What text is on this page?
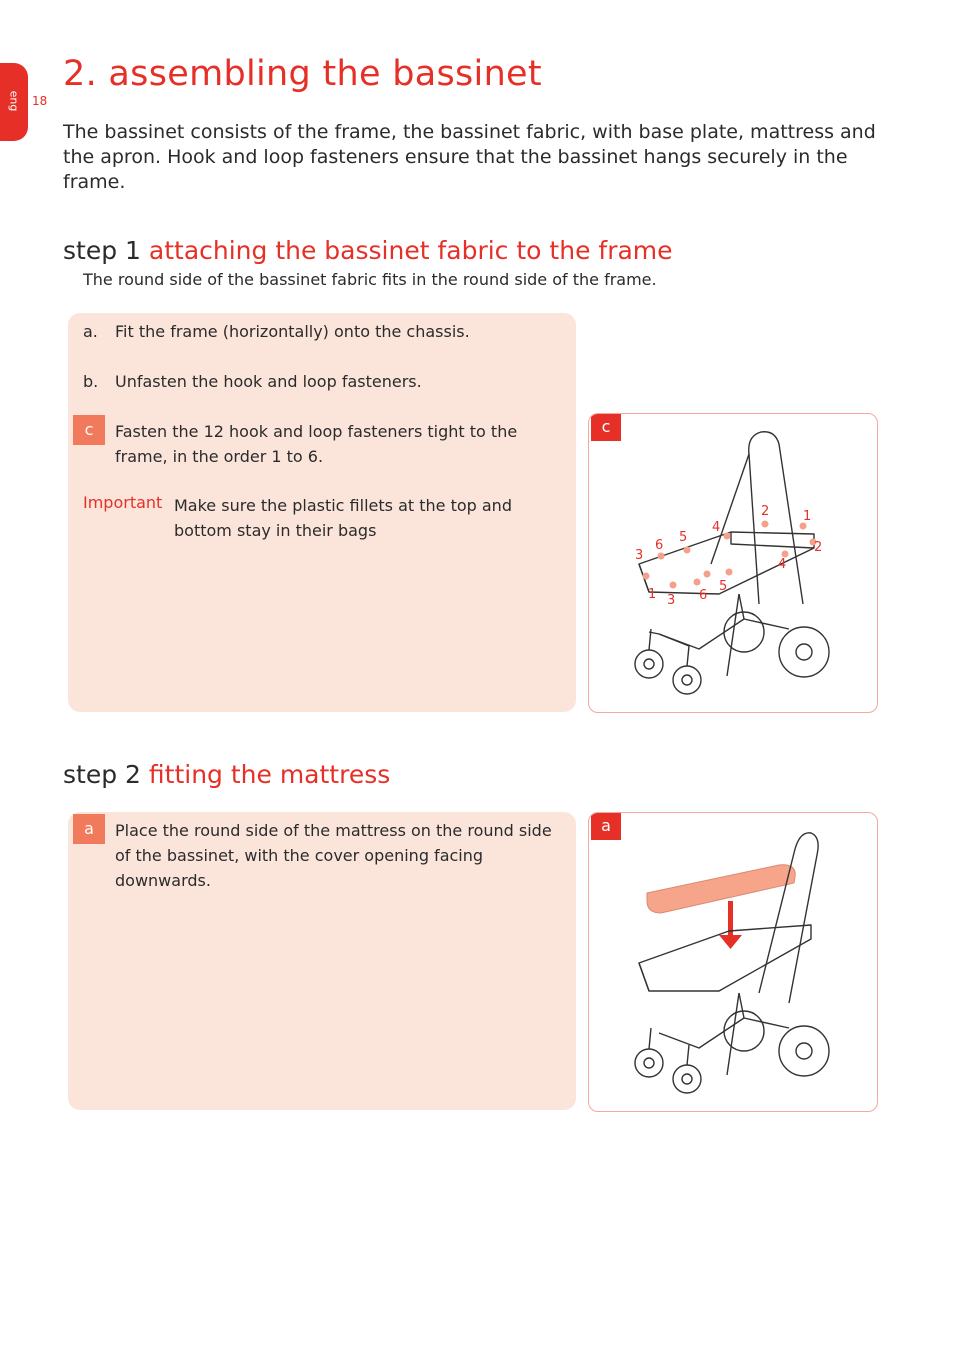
eng 18
2. assembling the bassinet

The bassinet consists of the frame, the bassinet fabric, with base plate, mattress and the apron. Hook and loop fasteners ensure that the bassinet hangs securely in the frame.

step 1 attaching the bassinet fabric to the frame
The round side of the bassinet fabric fits in the round side of the frame.
a.	Fit the frame (horizontally) onto the chassis.
b.	Unfasten the hook and loop fasteners.
c	Fasten the 12 hook and loop fasteners tight to the frame, in the order 1 to 6.
Important Make sure the plastic fillets at the top and bottom stay in their bags
c
1
2
3
4
5
6
1
2
3
4
5
6
step 2 fitting the mattress
a	Place the round side of the mattress on the round side of the bassinet, with the cover opening facing downwards.
a
